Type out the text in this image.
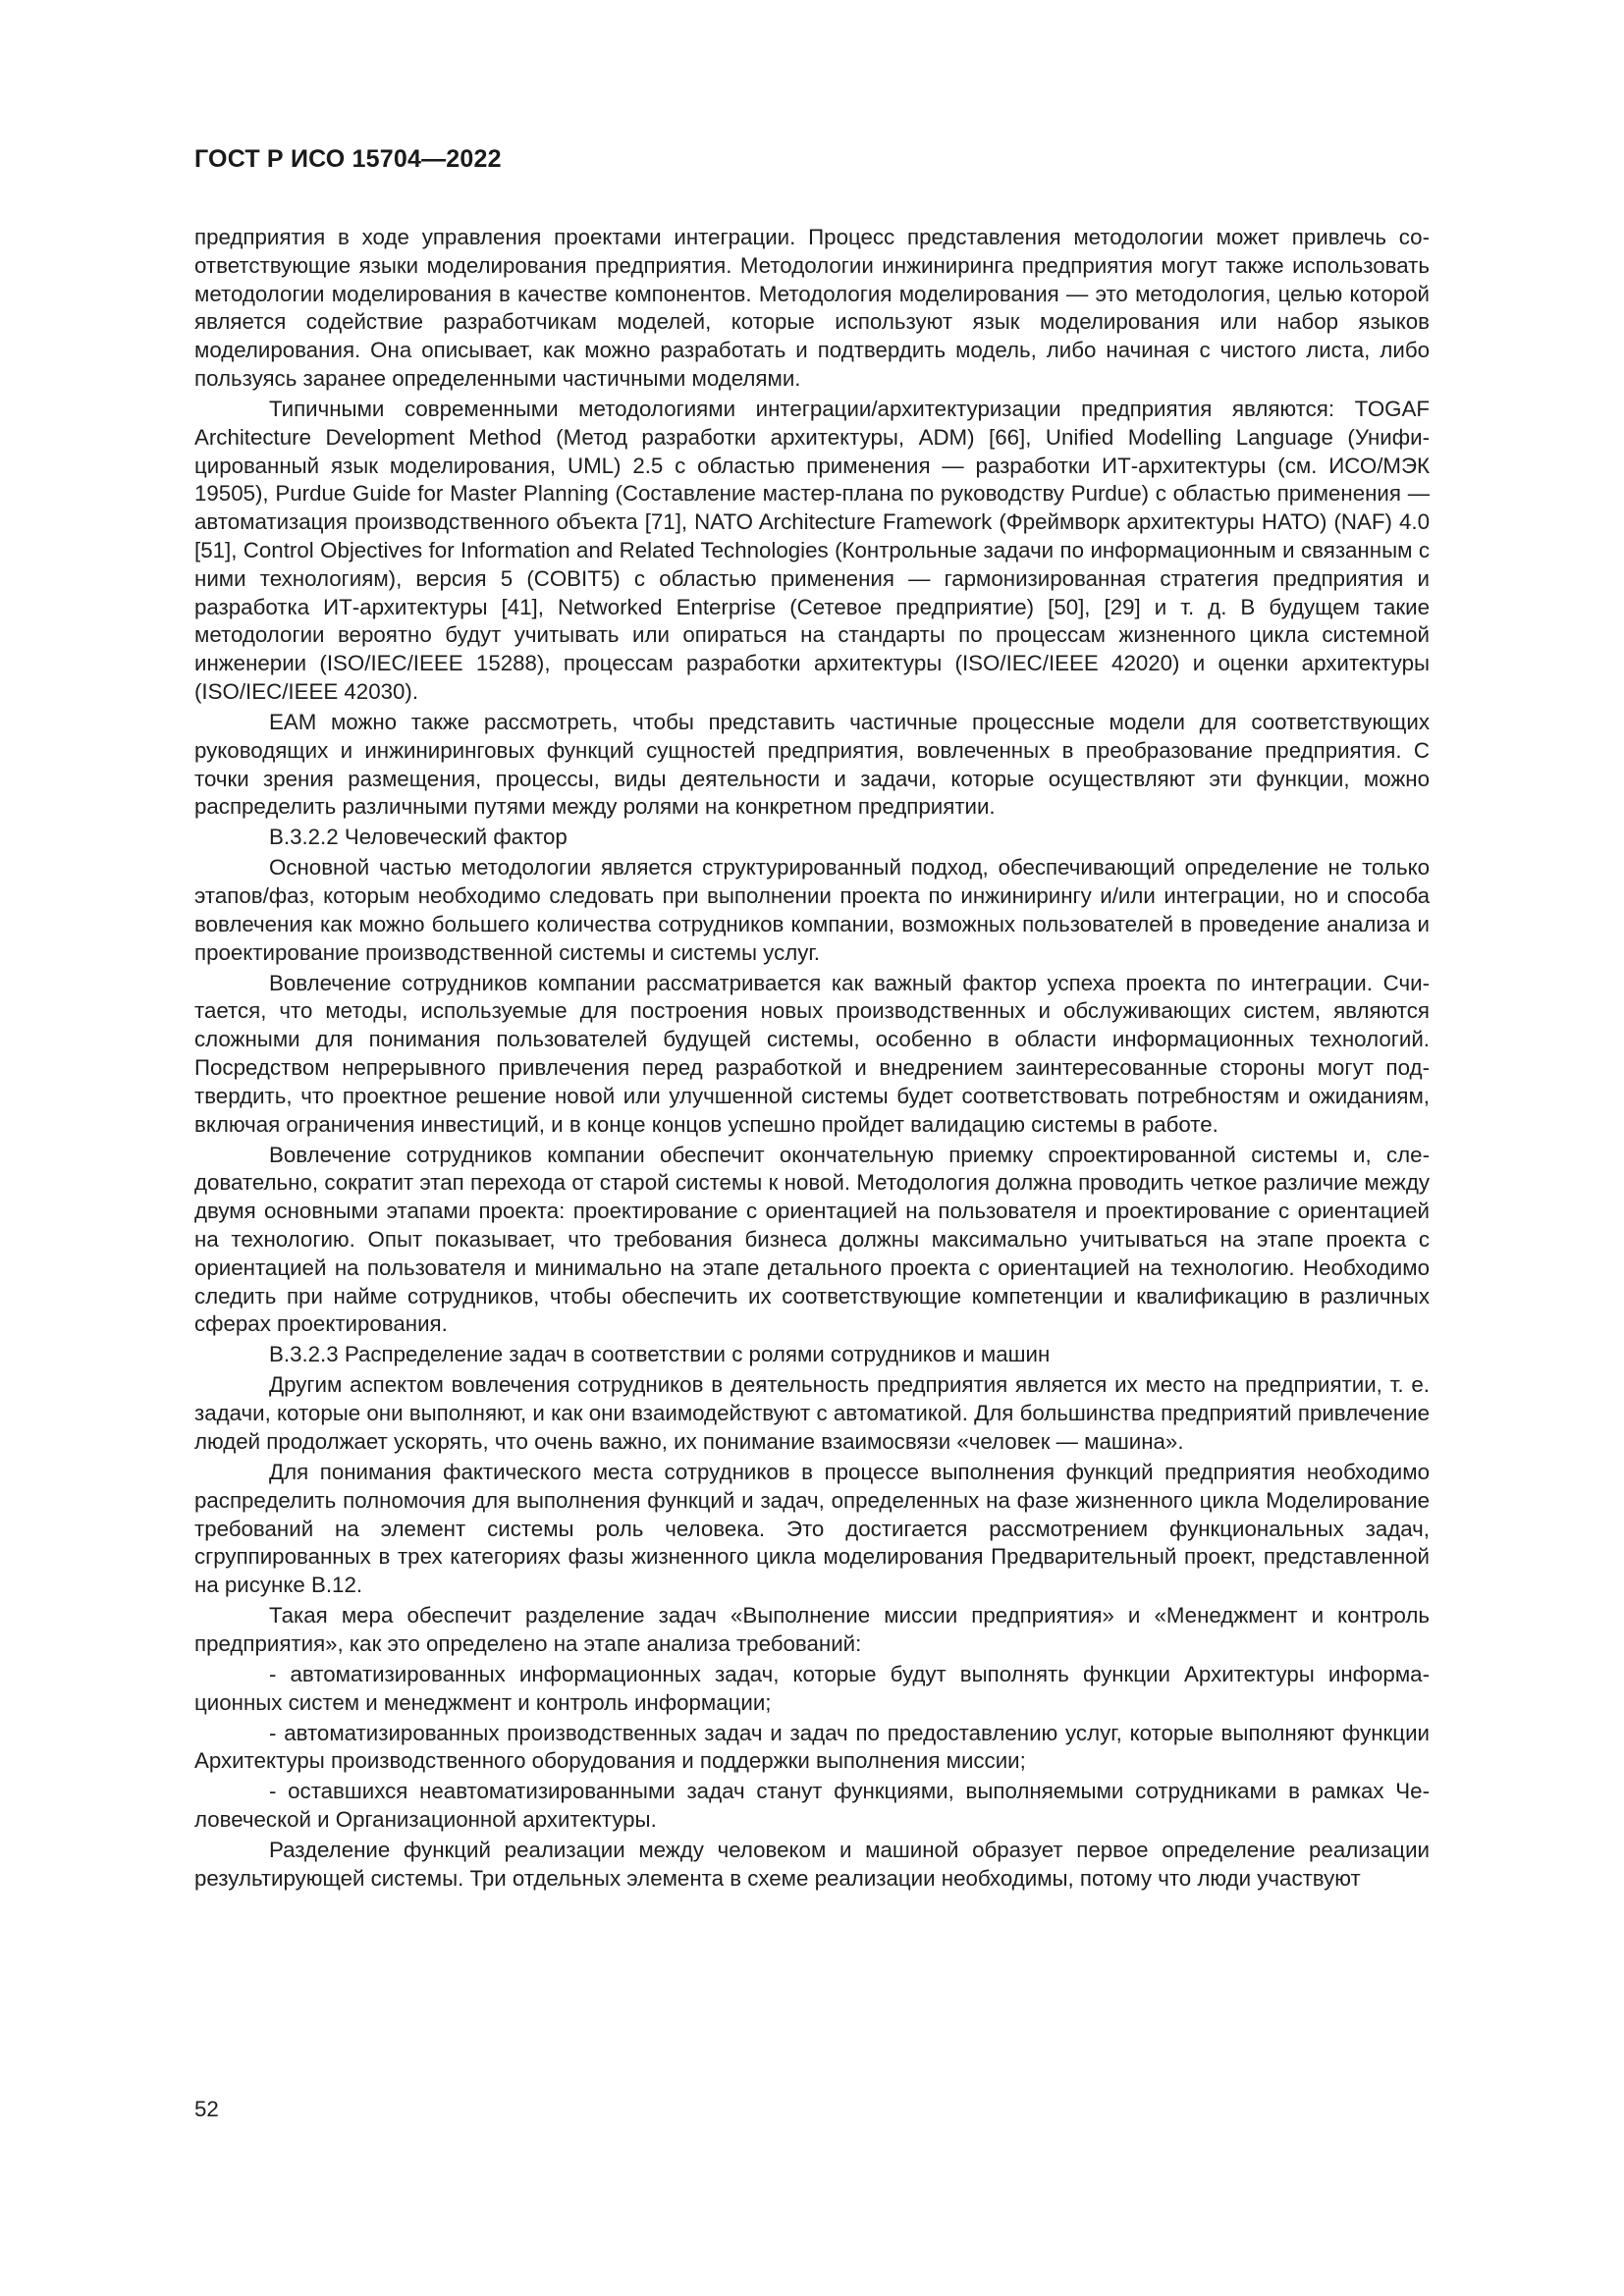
ГОСТ Р ИСО 15704—2022

предприятия в ходе управления проектами интеграции. Процесс представления методологии может привлечь соответствующие языки моделирования предприятия. Методологии инжиниринга предприятия могут также использовать методологии моделирования в качестве компонентов. Методология моделирования — это методология, целью которой является содействие разработчикам моделей, которые используют язык моделирования или набор языков моделирования. Она описывает, как можно разработать и подтвердить модель, либо начиная с чистого листа, либо пользуясь заранее определенными частичными моделями.

Типичными современными методологиями интеграции/архитектуризации предприятия являются: TOGAF Architecture Development Method (Метод разработки архитектуры, ADM) [66], Unified Modelling Language (Унифицированный язык моделирования, UML) 2.5 с областью применения — разработки ИТ-архитектуры (см. ИСО/МЭК 19505), Purdue Guide for Master Planning (Составление мастер-плана по руководству Purdue) с областью применения — автоматизация производственного объекта [71], NATO Architecture Framework (Фреймворк архитектуры НАТО) (NAF) 4.0 [51], Control Objectives for Information and Related Technologies (Контрольные задачи по информационным и связанным с ними технологиям), версия 5 (COBIT5) с областью применения — гармонизированная стратегия предприятия и разработка ИТ-архитектуры [41], Networked Enterprise (Сетевое предприятие) [50], [29] и т. д. В будущем такие методологии вероятно будут учитывать или опираться на стандарты по процессам жизненного цикла системной инженерии (ISO/IEC/IEEE 15288), процессам разработки архитектуры (ISO/IEC/IEEE 42020) и оценки архитектуры (ISO/IEC/IEEE 42030).

EAM можно также рассмотреть, чтобы представить частичные процессные модели для соответствующих руководящих и инжиниринговых функций сущностей предприятия, вовлеченных в преобразование предприятия. С точки зрения размещения, процессы, виды деятельности и задачи, которые осуществляют эти функции, можно распределить различными путями между ролями на конкретном предприятии.

В.3.2.2 Человеческий фактор

Основной частью методологии является структурированный подход, обеспечивающий определение не только этапов/фаз, которым необходимо следовать при выполнении проекта по инжинирингу и/или интеграции, но и способа вовлечения как можно большего количества сотрудников компании, возможных пользователей в проведение анализа и проектирование производственной системы и системы услуг.

Вовлечение сотрудников компании рассматривается как важный фактор успеха проекта по интеграции. Считается, что методы, используемые для построения новых производственных и обслуживающих систем, являются сложными для понимания пользователей будущей системы, особенно в области информационных технологий. Посредством непрерывного привлечения перед разработкой и внедрением заинтересованные стороны могут подтвердить, что проектное решение новой или улучшенной системы будет соответствовать потребностям и ожиданиям, включая ограничения инвестиций, и в конце концов успешно пройдет валидацию системы в работе.

Вовлечение сотрудников компании обеспечит окончательную приемку спроектированной системы и, следовательно, сократит этап перехода от старой системы к новой. Методология должна проводить четкое различие между двумя основными этапами проекта: проектирование с ориентацией на пользователя и проектирование с ориентацией на технологию. Опыт показывает, что требования бизнеса должны максимально учитываться на этапе проекта с ориентацией на пользователя и минимально на этапе детального проекта с ориентацией на технологию. Необходимо следить при найме сотрудников, чтобы обеспечить их соответствующие компетенции и квалификацию в различных сферах проектирования.

В.3.2.3 Распределение задач в соответствии с ролями сотрудников и машин

Другим аспектом вовлечения сотрудников в деятельность предприятия является их место на предприятии, т. е. задачи, которые они выполняют, и как они взаимодействуют с автоматикой. Для большинства предприятий привлечение людей продолжает ускорять, что очень важно, их понимание взаимосвязи «человек — машина».

Для понимания фактического места сотрудников в процессе выполнения функций предприятия необходимо распределить полномочия для выполнения функций и задач, определенных на фазе жизненного цикла Моделирование требований на элемент системы роль человека. Это достигается рассмотрением функциональных задач, сгруппированных в трех категориях фазы жизненного цикла моделирования Предварительный проект, представленной на рисунке В.12.

Такая мера обеспечит разделение задач «Выполнение миссии предприятия» и «Менеджмент и контроль предприятия», как это определено на этапе анализа требований:

- автоматизированных информационных задач, которые будут выполнять функции Архитектуры информационных систем и менеджмент и контроль информации;

- автоматизированных производственных задач и задач по предоставлению услуг, которые выполняют функции Архитектуры производственного оборудования и поддержки выполнения миссии;

- оставшихся неавтоматизированными задач станут функциями, выполняемыми сотрудниками в рамках Человеческой и Организационной архитектуры.

Разделение функций реализации между человеком и машиной образует первое определение реализации результирующей системы. Три отдельных элемента в схеме реализации необходимы, потому что люди участвуют

52
